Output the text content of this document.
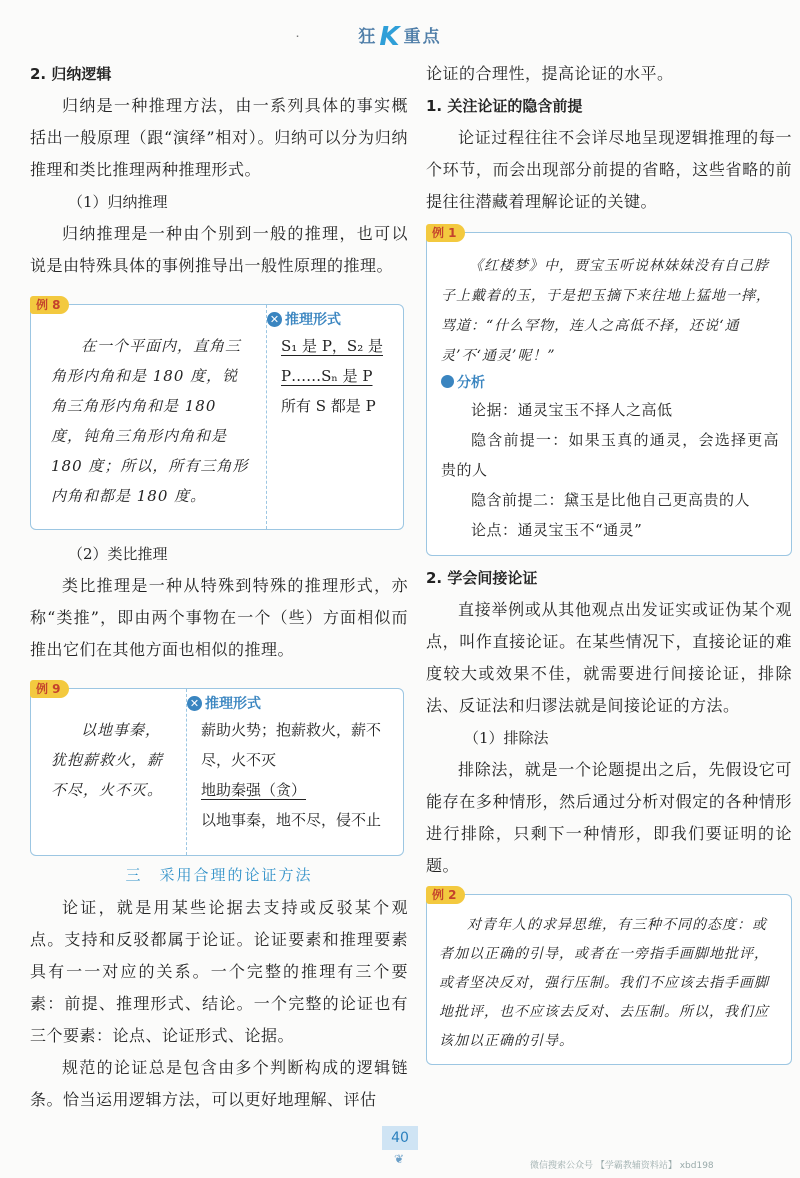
·	狂K 重点
2. 归纳逻辑
归纳是一种推理方法，由一系列具体的事实概括出一般原理（跟“演绎”相对）。归纳可以分为归纳推理和类比推理两种推理形式。
（1）归纳推理
归纳推理是一种由个别到一般的推理，也可以说是由特殊具体的事例推导出一般性原理的推理。
例 8
在一个平面内，直角三角形内角和是 180 度，锐角三角形内角和是 180 度，钝角三角形内角和是 180 度；所以，所有三角形内角和都是 180 度。
✕ 推理形式
S₁ 是 P，S₂ 是
P……Sₙ 是 P
所有 S 都是 P
（2）类比推理
类比推理是一种从特殊到特殊的推理形式，亦称“类推”，即由两个事物在一个（些）方面相似而推出它们在其他方面也相似的推理。
例 9
以地事秦，犹抱薪救火，薪不尽，火不灭。
✕ 推理形式
薪助火势；抱薪救火，薪不尽，火不灭
地助秦强（贪）
以地事秦，地不尽，侵不止
三　采用合理的论证方法
论证，就是用某些论据去支持或反驳某个观点。支持和反驳都属于论证。论证要素和推理要素具有一一对应的关系。一个完整的推理有三个要素：前提、推理形式、结论。一个完整的论证也有三个要素：论点、论证形式、论据。
规范的论证总是包含由多个判断构成的逻辑链条。恰当运用逻辑方法，可以更好地理解、评估
论证的合理性，提高论证的水平。
1. 关注论证的隐含前提
论证过程往往不会详尽地呈现逻辑推理的每一个环节，而会出现部分前提的省略，这些省略的前提往往潜藏着理解论证的关键。
例 1
《红楼梦》中，贾宝玉听说林妹妹没有自己脖子上戴着的玉，于是把玉摘下来往地上猛地一摔，骂道：“什么罕物，连人之高低不择，还说‘通灵’不‘通灵’呢！”
分析
论据：通灵宝玉不择人之高低
隐含前提一：如果玉真的通灵，会选择更高贵的人
隐含前提二：黛玉是比他自己更高贵的人
论点：通灵宝玉不“通灵”
2. 学会间接论证
直接举例或从其他观点出发证实或证伪某个观点，叫作直接论证。在某些情况下，直接论证的难度较大或效果不佳，就需要进行间接论证，排除法、反证法和归谬法就是间接论证的方法。
（1）排除法
排除法，就是一个论题提出之后，先假设它可能存在多种情形，然后通过分析对假定的各种情形进行排除，只剩下一种情形，即我们要证明的论题。
例 2
对青年人的求异思维，有三种不同的态度：或者加以正确的引导，或者在一旁指手画脚地批评，或者坚决反对，强行压制。我们不应该去指手画脚地批评，也不应该去反对、去压制。所以，我们应该加以正确的引导。
40
❦	微信搜索公众号 【学霸教辅资料站】 xbd198
